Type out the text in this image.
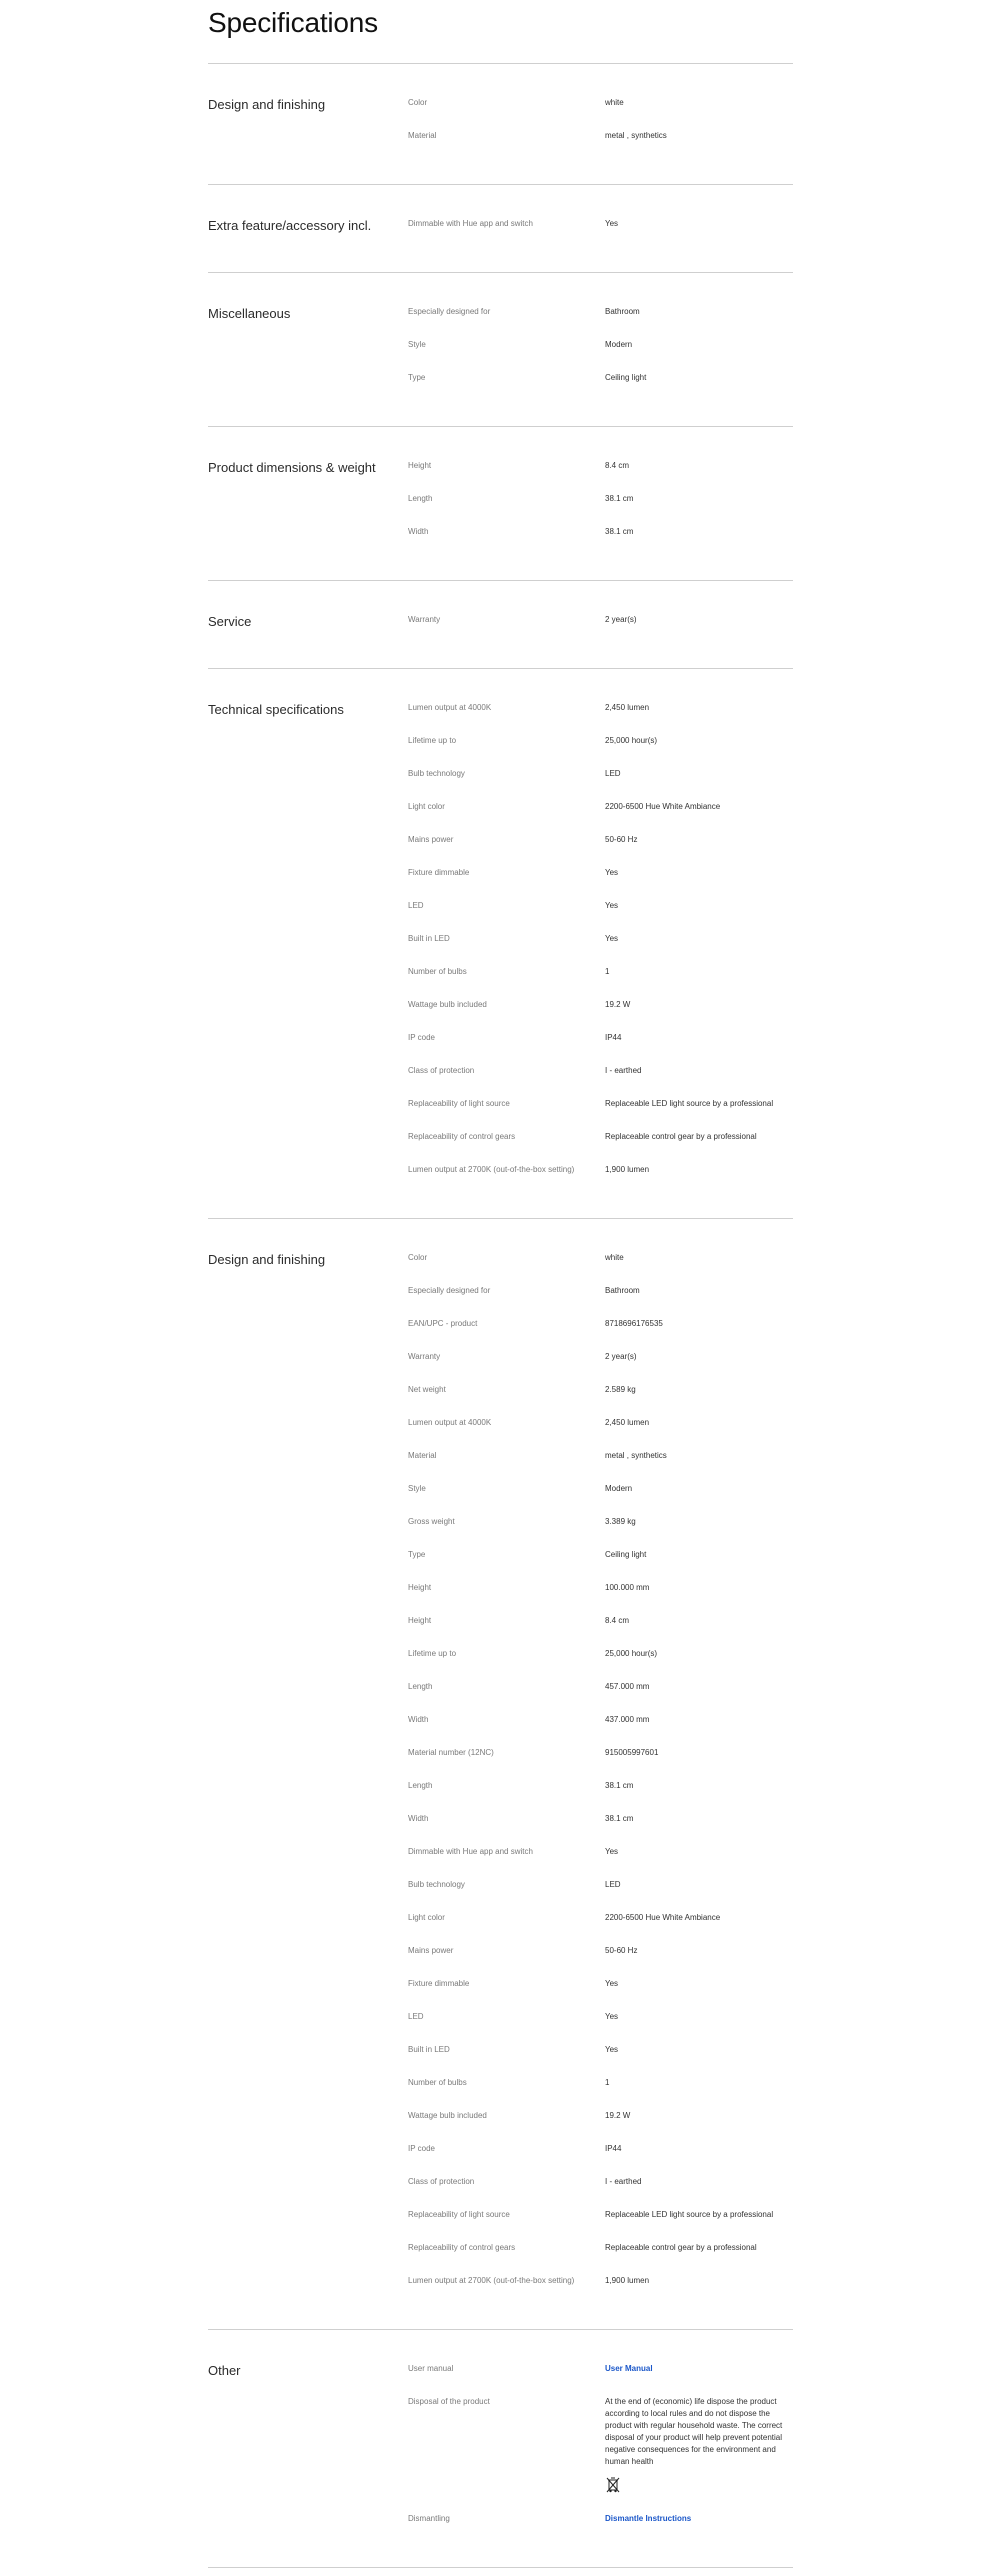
Specifications
Design and finishing	Color	white
Material	metal , synthetics
Extra feature/accessory incl.	Dimmable with Hue app and switch	Yes
Miscellaneous	Especially designed for	Bathroom
Style	Modern
Type	Ceiling light
Product dimensions & weight	Height	8.4 cm
Length	38.1 cm
Width	38.1 cm
Service	Warranty	2 year(s)
Technical specifications	Lumen output at 4000K	2,450 lumen
Lifetime up to	25,000 hour(s)
Bulb technology	LED
Light color	2200-6500 Hue White Ambiance
Mains power	50-60 Hz
Fixture dimmable	Yes
LED	Yes
Built in LED	Yes
Number of bulbs	1
Wattage bulb included	19.2 W
IP code	IP44
Class of protection	I - earthed
Replaceability of light source	Replaceable LED light source by a professional
Replaceability of control gears	Replaceable control gear by a professional
Lumen output at 2700K (out-of-the-box setting)	1,900 lumen
Design and finishing	Color	white
Especially designed for	Bathroom
EAN/UPC - product	8718696176535
Warranty	2 year(s)
Net weight	2.589 kg
Lumen output at 4000K	2,450 lumen
Material	metal , synthetics
Style	Modern
Gross weight	3.389 kg
Type	Ceiling light
Height	100.000 mm
Height	8.4 cm
Lifetime up to	25,000 hour(s)
Length	457.000 mm
Width	437.000 mm
Material number (12NC)	915005997601
Length	38.1 cm
Width	38.1 cm
Dimmable with Hue app and switch	Yes
Bulb technology	LED
Light color	2200-6500 Hue White Ambiance
Mains power	50-60 Hz
Fixture dimmable	Yes
LED	Yes
Built in LED	Yes
Number of bulbs	1
Wattage bulb included	19.2 W
IP code	IP44
Class of protection	I - earthed
Replaceability of light source	Replaceable LED light source by a professional
Replaceability of control gears	Replaceable control gear by a professional
Lumen output at 2700K (out-of-the-box setting)	1,900 lumen
Other	User manual	User Manual
Disposal of the product	At the end of (economic) life dispose the product according to local rules and do not dispose the product with regular household waste. The correct disposal of your product will help prevent potential negative consequences for the environment and human health
Dismantling	Dismantle Instructions
